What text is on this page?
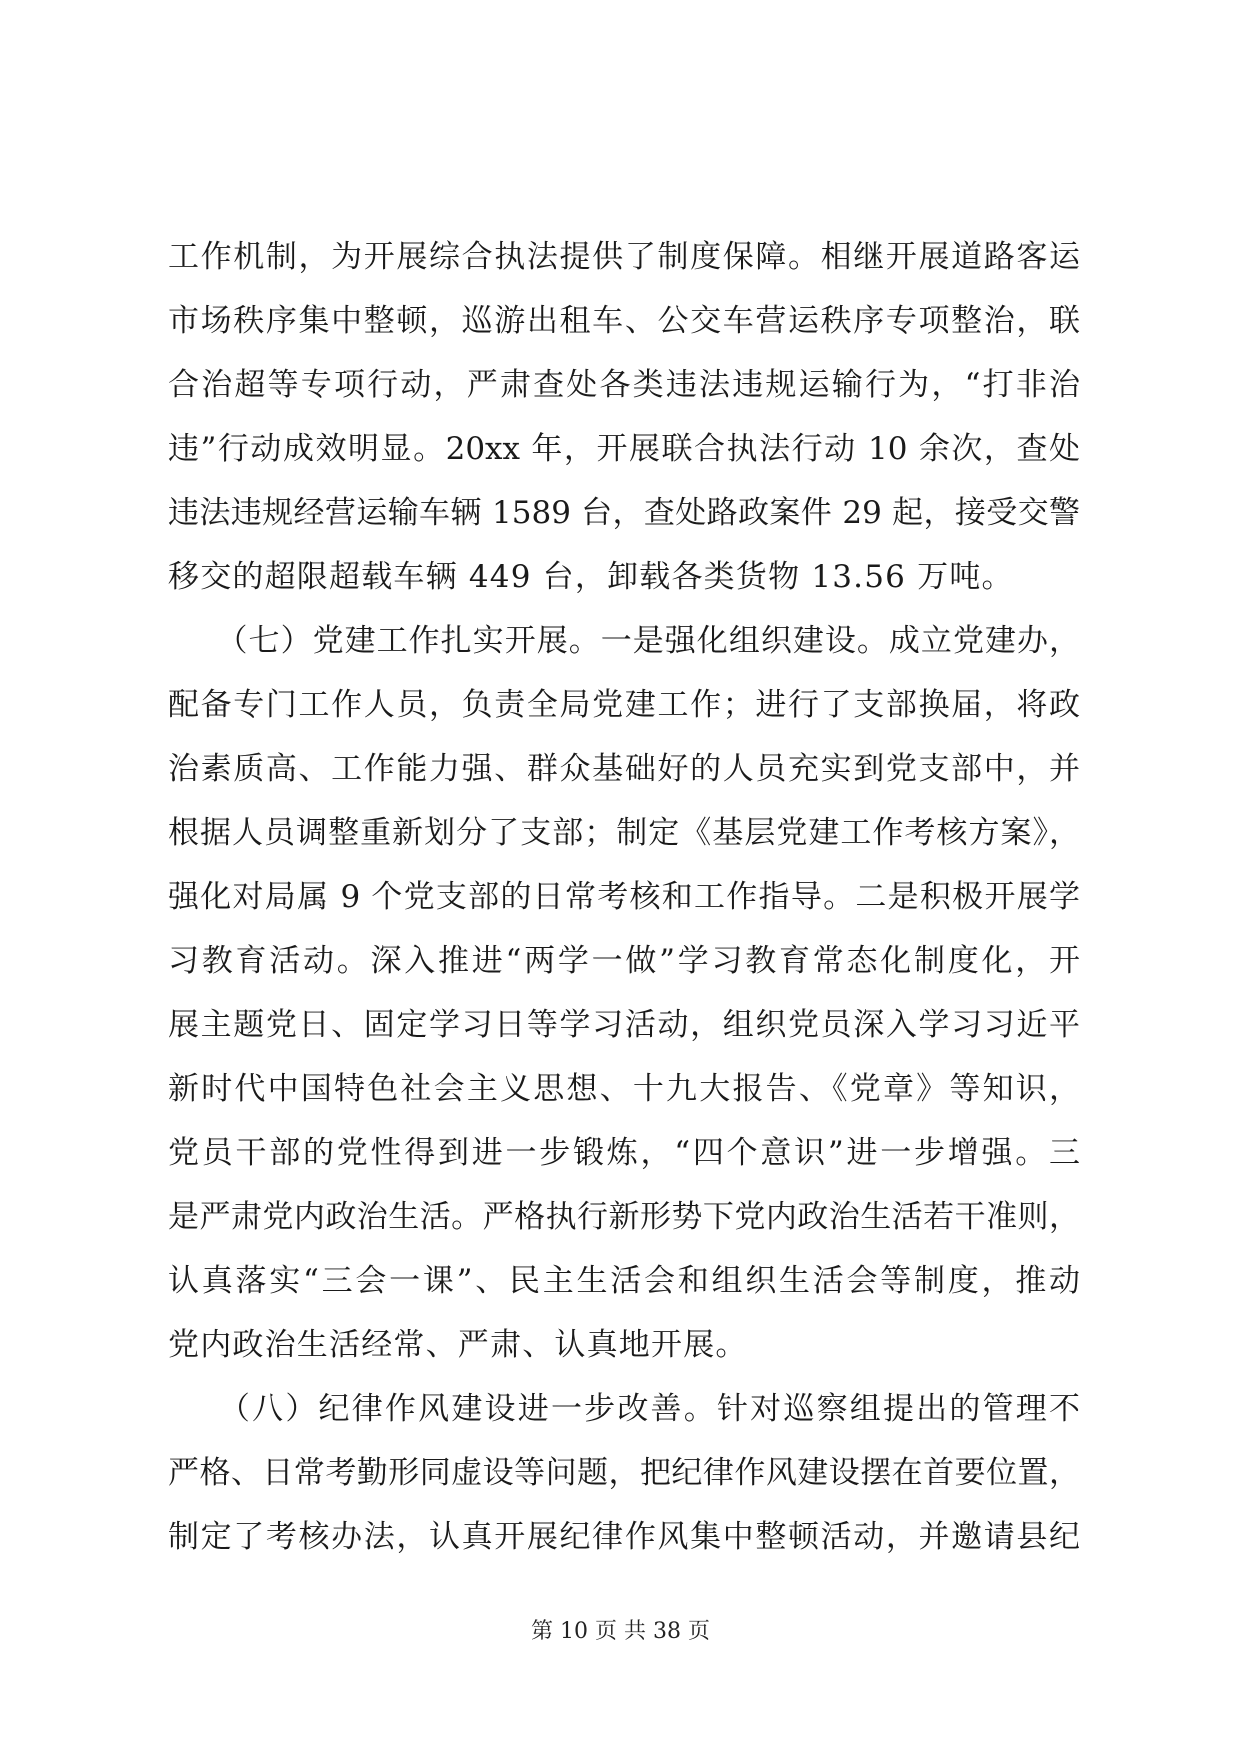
工作机制，为开展综合执法提供了制度保障。相继开展道路客运
市场秩序集中整顿，巡游出租车、公交车营运秩序专项整治，联
合治超等专项行动，严肃查处各类违法违规运输行为，“打非治
违”行动成效明显。20xx 年，开展联合执法行动 10 余次，查处
违法违规经营运输车辆 1589 台，查处路政案件 29 起，接受交警
移交的超限超载车辆 449 台，卸载各类货物 13.56 万吨。
　　（七）党建工作扎实开展。一是强化组织建设。成立党建办，
配备专门工作人员，负责全局党建工作；进行了支部换届，将政
治素质高、工作能力强、群众基础好的人员充实到党支部中，并
根据人员调整重新划分了支部；制定《基层党建工作考核方案》，
强化对局属 9 个党支部的日常考核和工作指导。二是积极开展学
习教育活动。深入推进“两学一做”学习教育常态化制度化，开
展主题党日、固定学习日等学习活动，组织党员深入学习习近平
新时代中国特色社会主义思想、十九大报告、《党章》等知识，
党员干部的党性得到进一步锻炼，“四个意识”进一步增强。三
是严肃党内政治生活。严格执行新形势下党内政治生活若干准则，
认真落实“三会一课”、民主生活会和组织生活会等制度，推动
党内政治生活经常、严肃、认真地开展。
　　（八）纪律作风建设进一步改善。针对巡察组提出的管理不
严格、日常考勤形同虚设等问题，把纪律作风建设摆在首要位置，
制定了考核办法，认真开展纪律作风集中整顿活动，并邀请县纪
第 10 页 共 38 页
